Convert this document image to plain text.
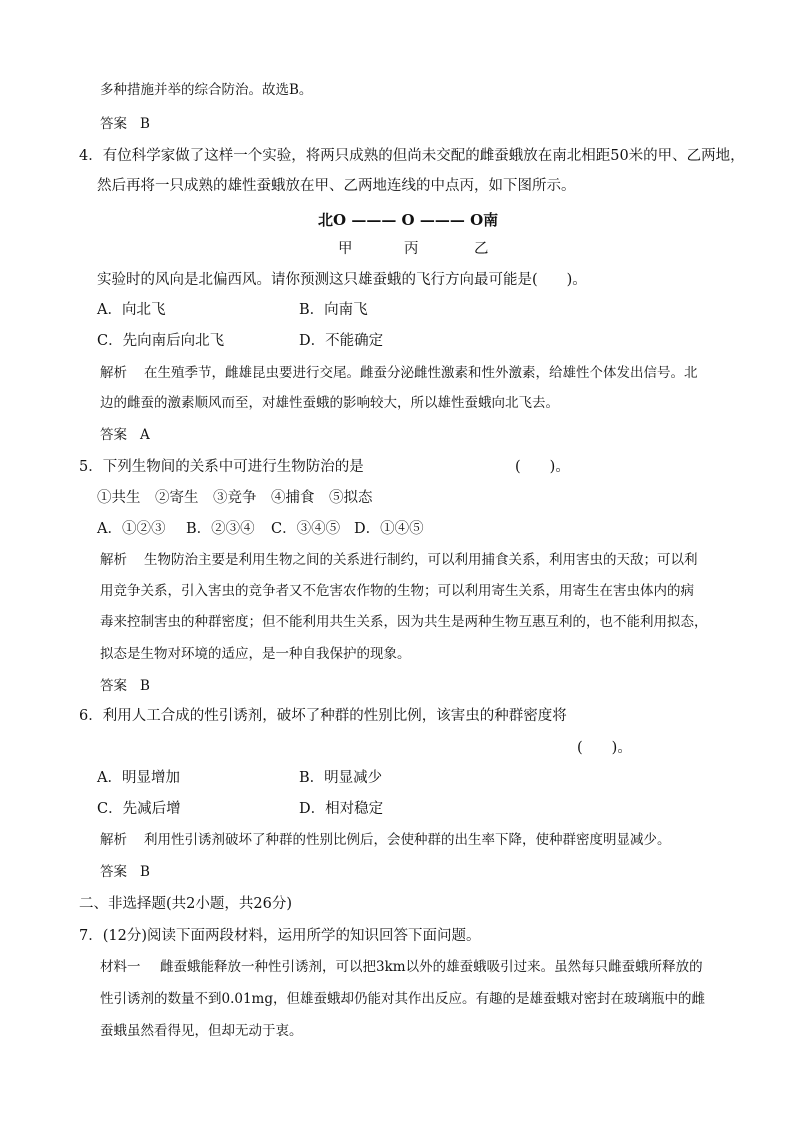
多种措施并举的综合防治。故选B。
答案 B
4．有位科学家做了这样一个实验，将两只成熟的但尚未交配的雌蚕蛾放在南北相距50米的甲、乙两地，
然后再将一只成熟的雄性蚕蛾放在甲、乙两地连线的中点丙，如下图所示。
北O ——— O ——— O南
甲	丙	乙
实验时的风向是北偏西风。请你预测这只雄蚕蛾的飞行方向最可能是(　　)。
A．向北飞	B．向南飞
C．先向南后向北飞	D．不能确定
解析 在生殖季节，雌雄昆虫要进行交尾。雌蚕分泌雌性激素和性外激素，给雄性个体发出信号。北
边的雌蚕的激素顺风而至，对雄性蚕蛾的影响较大，所以雄性蚕蛾向北飞去。
答案 A
5．下列生物间的关系中可进行生物防治的是	(　　)。
①共生　②寄生　③竞争　④捕食　⑤拟态
A．①②③ B．②③④ C．③④⑤ D．①④⑤
解析 生物防治主要是利用生物之间的关系进行制约，可以利用捕食关系，利用害虫的天敌；可以利
用竞争关系，引入害虫的竞争者又不危害农作物的生物；可以利用寄生关系，用寄生在害虫体内的病
毒来控制害虫的种群密度；但不能利用共生关系，因为共生是两种生物互惠互利的，也不能利用拟态，
拟态是生物对环境的适应，是一种自我保护的现象。
答案 B
6．利用人工合成的性引诱剂，破坏了种群的性别比例，该害虫的种群密度将
(　　)。
A．明显增加	B．明显减少
C．先减后增	D．相对稳定
解析 利用性引诱剂破坏了种群的性别比例后，会使种群的出生率下降，使种群密度明显减少。
答案 B
二、非选择题(共2小题，共26分)
7．(12分)阅读下面两段材料，运用所学的知识回答下面问题。
材料一 雌蚕蛾能释放一种性引诱剂，可以把3km以外的雄蚕蛾吸引过来。虽然每只雌蚕蛾所释放的
性引诱剂的数量不到0.01mg，但雄蚕蛾却仍能对其作出反应。有趣的是雄蚕蛾对密封在玻璃瓶中的雌
蚕蛾虽然看得见，但却无动于衷。
